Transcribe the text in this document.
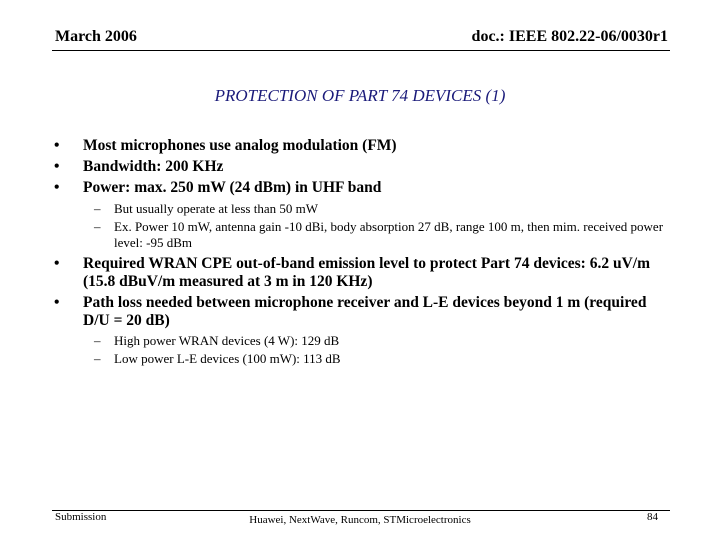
March 2006	doc.: IEEE 802.22-06/0030r1
PROTECTION OF PART 74 DEVICES (1)
•	Most microphones use analog modulation (FM)
•	Bandwidth: 200 KHz
•	Power: max. 250 mW (24 dBm) in UHF band
–	But usually operate at less than 50 mW
–	Ex. Power 10 mW, antenna gain -10 dBi, body absorption 27 dB, range 100 m, then mim. received power level: -95 dBm
•	Required WRAN CPE out-of-band emission level to protect Part 74 devices: 6.2 uV/m (15.8 dBuV/m measured at 3 m in 120 KHz)
•	Path loss needed between microphone receiver and L-E devices beyond 1 m (required D/U = 20 dB)
–	High power WRAN devices (4 W): 129 dB
–	Low power L-E devices (100 mW): 113 dB
Submission	Huawei, NextWave, Runcom, STMicroelectronics	84
